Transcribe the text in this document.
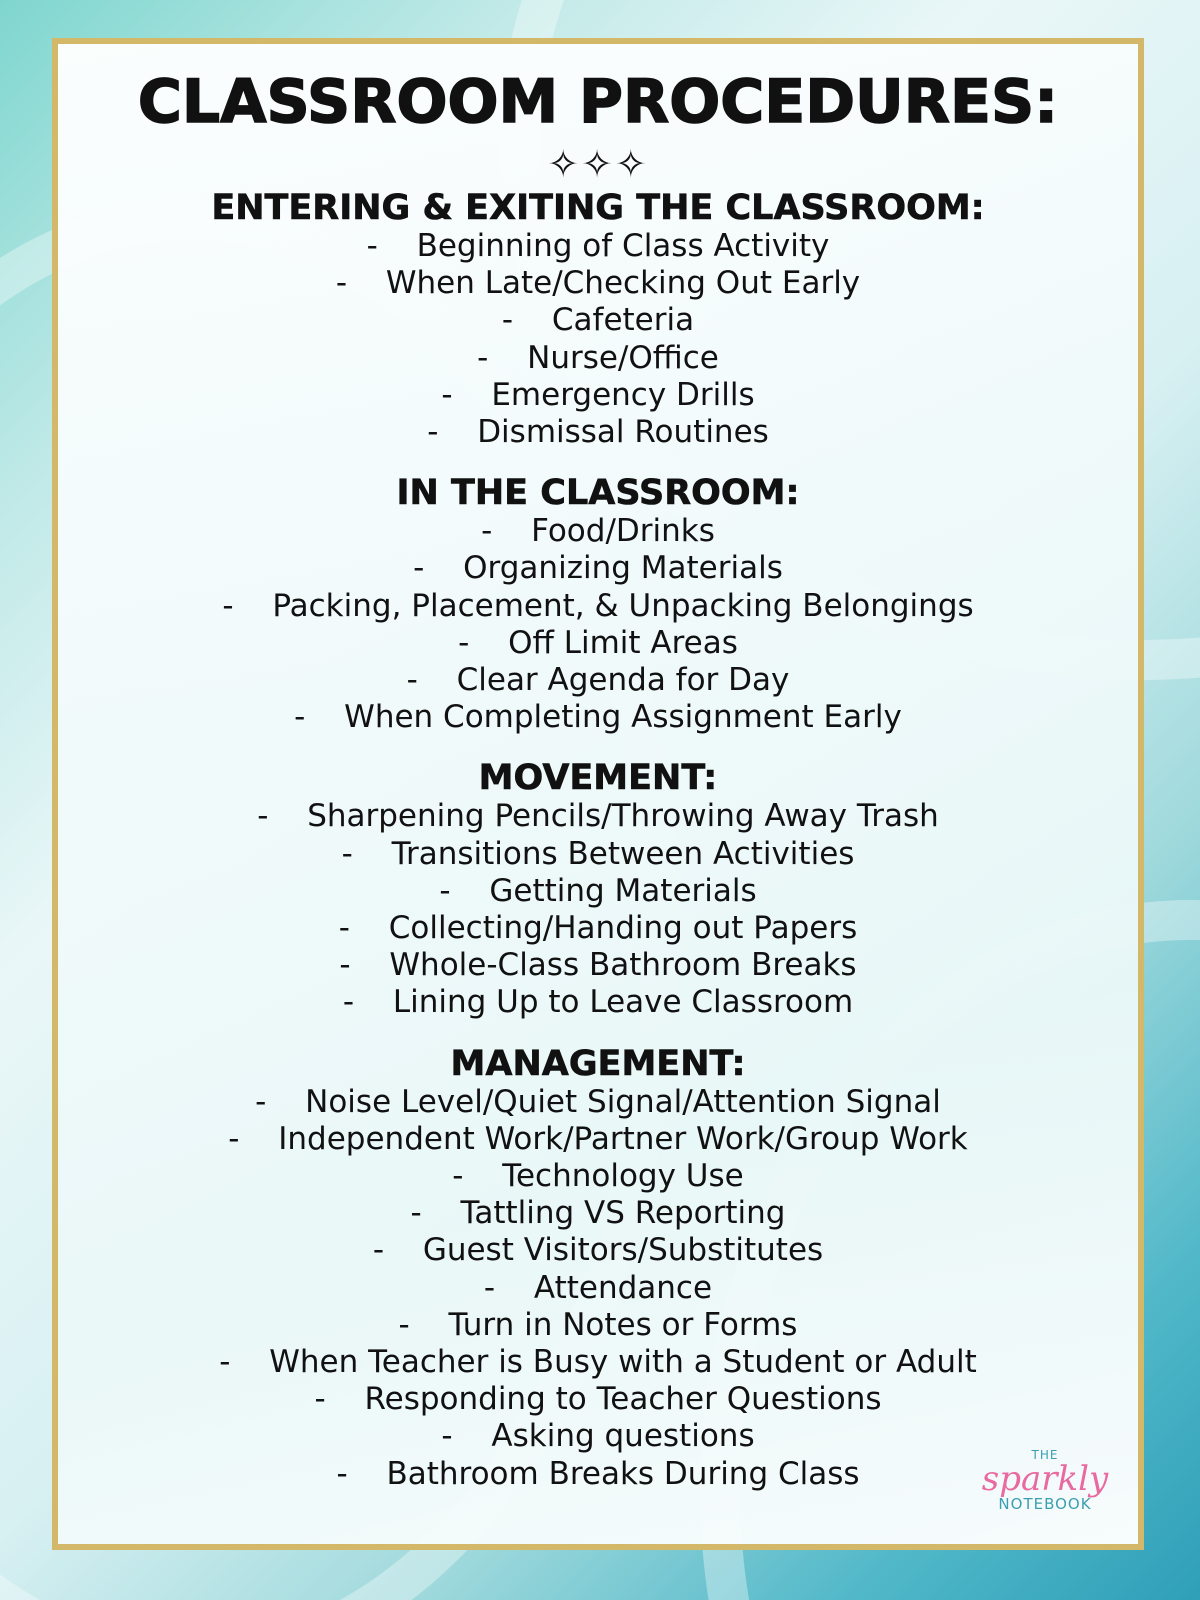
CLASSROOM PROCEDURES:
✧✧✧
ENTERING & EXITING THE CLASSROOM:
- Beginning of Class Activity
- When Late/Checking Out Early
- Cafeteria
- Nurse/Office
- Emergency Drills
- Dismissal Routines
IN THE CLASSROOM:
- Food/Drinks
- Organizing Materials
- Packing, Placement, & Unpacking Belongings
- Off Limit Areas
- Clear Agenda for Day
- When Completing Assignment Early
MOVEMENT:
- Sharpening Pencils/Throwing Away Trash
- Transitions Between Activities
- Getting Materials
- Collecting/Handing out Papers
- Whole-Class Bathroom Breaks
- Lining Up to Leave Classroom
MANAGEMENT:
- Noise Level/Quiet Signal/Attention Signal
- Independent Work/Partner Work/Group Work
- Technology Use
- Tattling VS Reporting
- Guest Visitors/Substitutes
- Attendance
- Turn in Notes or Forms
- When Teacher is Busy with a Student or Adult
- Responding to Teacher Questions
- Asking questions
- Bathroom Breaks During Class
THE
sparkly
NOTEBOOK
